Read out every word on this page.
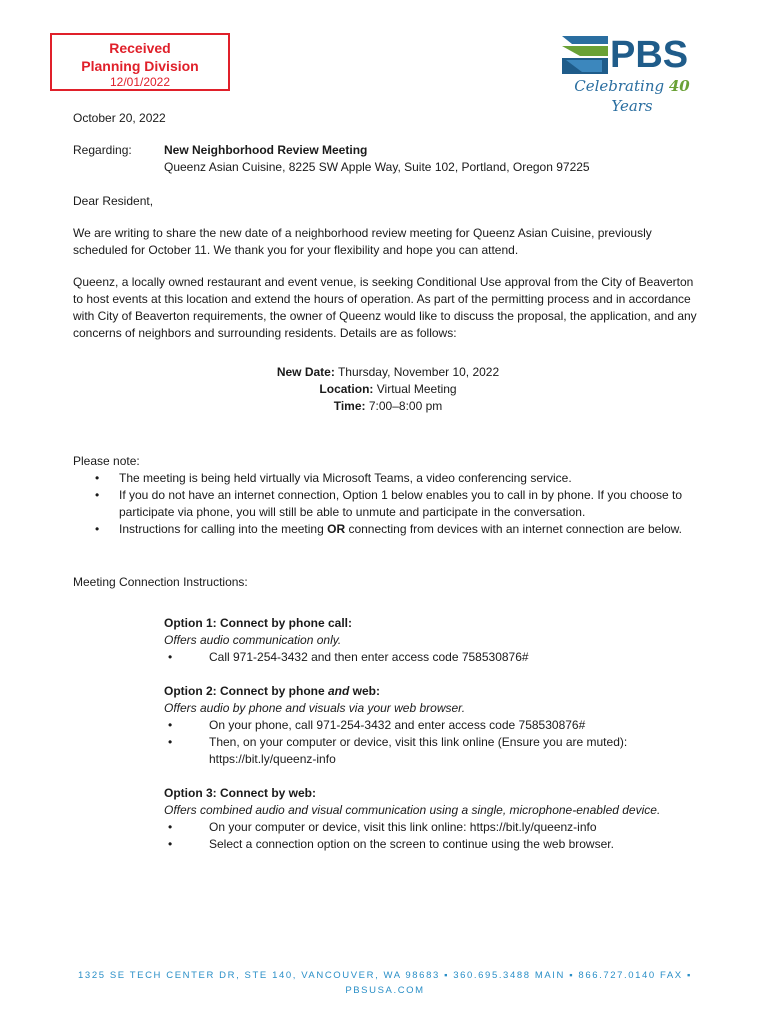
Received
Planning Division
12/01/2022
PBS
Celebrating 40 Years

October 20, 2022

Regarding:	New Neighborhood Review Meeting
Queenz Asian Cuisine, 8225 SW Apple Way, Suite 102, Portland, Oregon 97225

Dear Resident,

We are writing to share the new date of a neighborhood review meeting for Queenz Asian Cuisine, previously scheduled for October 11. We thank you for your flexibility and hope you can attend.

Queenz, a locally owned restaurant and event venue, is seeking Conditional Use approval from the City of Beaverton to host events at this location and extend the hours of operation. As part of the permitting process and in accordance with City of Beaverton requirements, the owner of Queenz would like to discuss the proposal, the application, and any concerns of neighbors and surrounding residents. Details are as follows:

New Date: Thursday, November 10, 2022
Location: Virtual Meeting
Time: 7:00–8:00 pm

Please note:

• The meeting is being held virtually via Microsoft Teams, a video conferencing service.
• If you do not have an internet connection, Option 1 below enables you to call in by phone. If you choose to participate via phone, you will still be able to unmute and participate in the conversation.
• Instructions for calling into the meeting OR connecting from devices with an internet connection are below.

Meeting Connection Instructions:

Option 1: Connect by phone call:
Offers audio communication only.
• Call 971-254-3432 and then enter access code 758530876#
Option 2: Connect by phone and web:
Offers audio by phone and visuals via your web browser.
• On your phone, call 971-254-3432 and enter access code 758530876#
• Then, on your computer or device, visit this link online (Ensure you are muted): https://bit.ly/queenz-info
Option 3: Connect by web:
Offers combined audio and visual communication using a single, microphone-enabled device.
• On your computer or device, visit this link online: https://bit.ly/queenz-info
• Select a connection option on the screen to continue using the web browser.
1325 SE TECH CENTER DR, STE 140, VANCOUVER, WA 98683 ▪ 360.695.3488 MAIN ▪ 866.727.0140 FAX ▪
PBSUSA.COM
